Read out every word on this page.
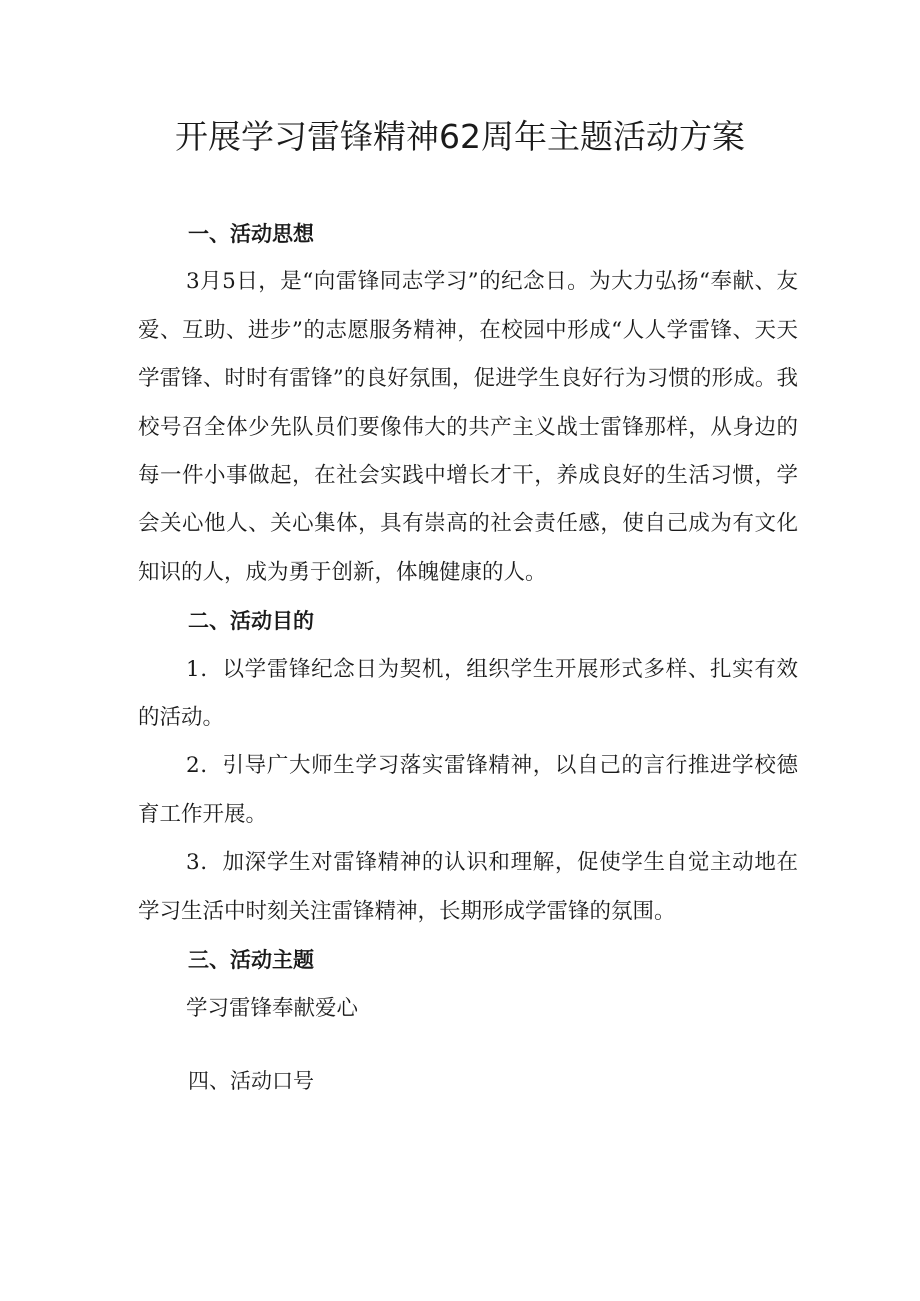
开展学习雷锋精神62周年主题活动方案

一、活动思想

3月5日，是“向雷锋同志学习”的纪念日。为大力弘扬“奉献、友爱、互助、进步”的志愿服务精神，在校园中形成“人人学雷锋、天天学雷锋、时时有雷锋”的良好氛围，促进学生良好行为习惯的形成。我校号召全体少先队员们要像伟大的共产主义战士雷锋那样，从身边的每一件小事做起，在社会实践中增长才干，养成良好的生活习惯，学会关心他人、关心集体，具有崇高的社会责任感，使自己成为有文化知识的人，成为勇于创新，体魄健康的人。

二、活动目的

1．以学雷锋纪念日为契机，组织学生开展形式多样、扎实有效的活动。

2．引导广大师生学习落实雷锋精神，以自己的言行推进学校德育工作开展。

3．加深学生对雷锋精神的认识和理解，促使学生自觉主动地在学习生活中时刻关注雷锋精神，长期形成学雷锋的氛围。

三、活动主题

学习雷锋奉献爱心

四、活动口号
